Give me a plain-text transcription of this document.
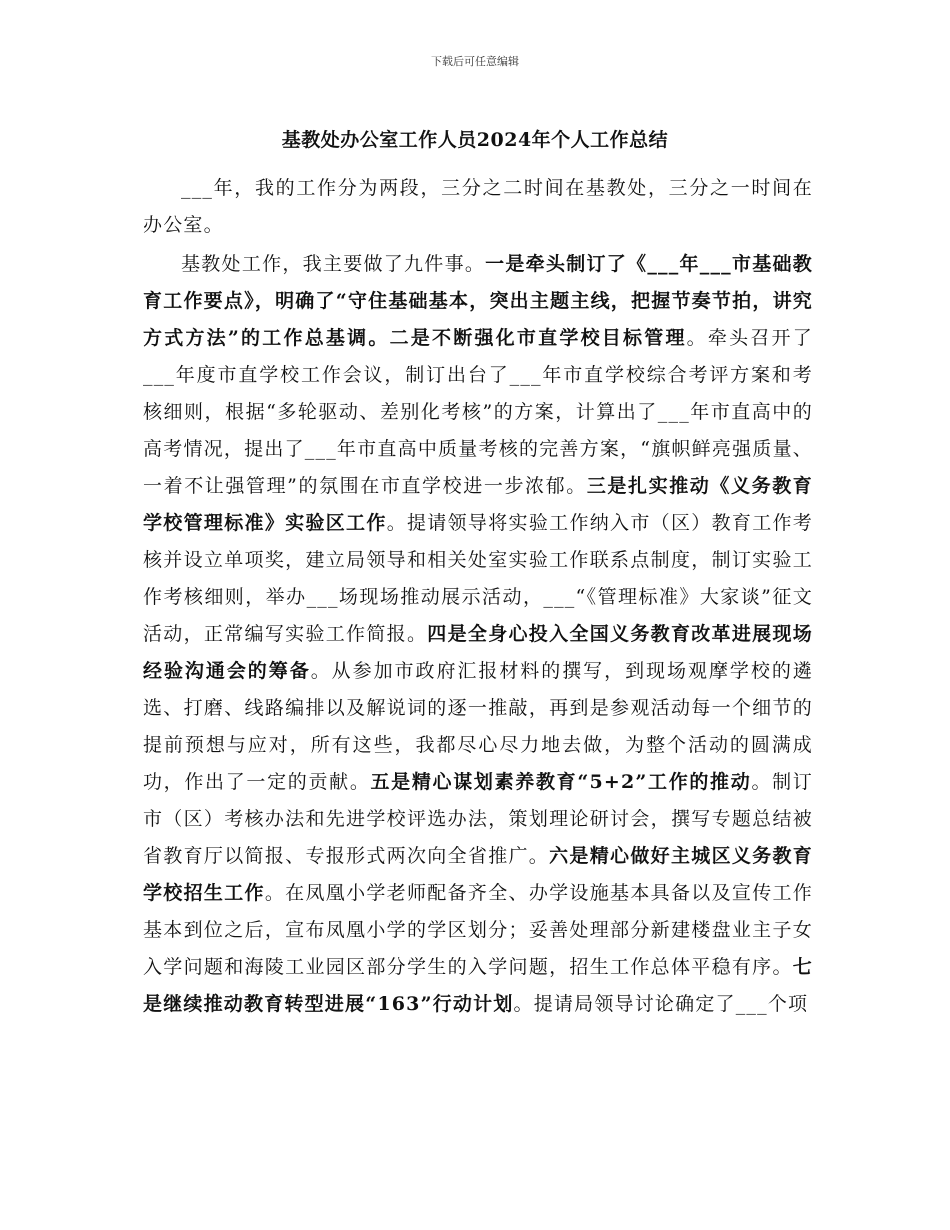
下载后可任意编辑
基教处办公室工作人员2024年个人工作总结

___年，我的工作分为两段，三分之二时间在基教处，三分之一时间在办公室。

基教处工作，我主要做了九件事。一是牵头制订了《___年___市基础教育工作要点》，明确了“守住基础基本，突出主题主线，把握节奏节拍，讲究方式方法”的工作总基调。二是不断强化市直学校目标管理。牵头召开了___年度市直学校工作会议，制订出台了___年市直学校综合考评方案和考核细则，根据“多轮驱动、差别化考核”的方案，计算出了___年市直高中的高考情况，提出了___年市直高中质量考核的完善方案，“旗帜鲜亮强质量、一着不让强管理”的氛围在市直学校进一步浓郁。三是扎实推动《义务教育学校管理标准》实验区工作。提请领导将实验工作纳入市（区）教育工作考核并设立单项奖，建立局领导和相关处室实验工作联系点制度，制订实验工作考核细则，举办___场现场推动展示活动，___“《管理标准》大家谈”征文活动，正常编写实验工作简报。四是全身心投入全国义务教育改革进展现场经验沟通会的筹备。从参加市政府汇报材料的撰写，到现场观摩学校的遴选、打磨、线路编排以及解说词的逐一推敲，再到是参观活动每一个细节的提前预想与应对，所有这些，我都尽心尽力地去做，为整个活动的圆满成功，作出了一定的贡献。五是精心谋划素养教育“5+2”工作的推动。制订市（区）考核办法和先进学校评选办法，策划理论研讨会，撰写专题总结被省教育厅以简报、专报形式两次向全省推广。六是精心做好主城区义务教育学校招生工作。在凤凰小学老师配备齐全、办学设施基本具备以及宣传工作基本到位之后，宣布凤凰小学的学区划分；妥善处理部分新建楼盘业主子女入学问题和海陵工业园区部分学生的入学问题，招生工作总体平稳有序。七是继续推动教育转型进展“163”行动计划。提请局领导讨论确定了___个项
